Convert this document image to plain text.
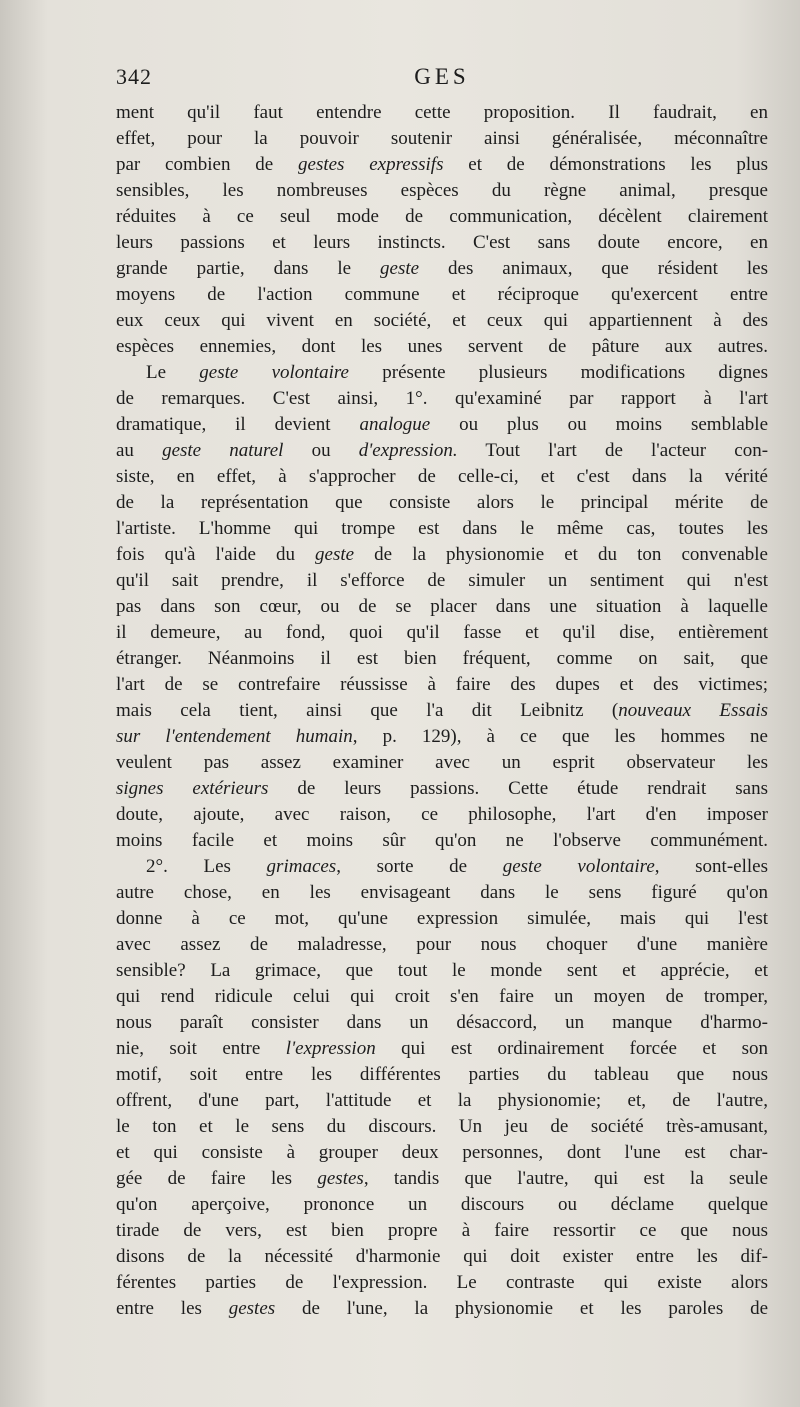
342	GES
ment qu'il faut entendre cette proposition. Il faudrait, en
effet, pour la pouvoir soutenir ainsi généralisée, méconnaître
par combien de gestes expressifs et de démonstrations les plus
sensibles, les nombreuses espèces du règne animal, presque
réduites à ce seul mode de communication, décèlent clairement
leurs passions et leurs instincts. C'est sans doute encore, en
grande partie, dans le geste des animaux, que résident les
moyens de l'action commune et réciproque qu'exercent entre
eux ceux qui vivent en société, et ceux qui appartiennent à des
espèces ennemies, dont les unes servent de pâture aux autres.
Le geste volontaire présente plusieurs modifications dignes
de remarques. C'est ainsi, 1°. qu'examiné par rapport à l'art
dramatique, il devient analogue ou plus ou moins semblable
au geste naturel ou d'expression. Tout l'art de l'acteur con-
siste, en effet, à s'approcher de celle-ci, et c'est dans la vérité
de la représentation que consiste alors le principal mérite de
l'artiste. L'homme qui trompe est dans le même cas, toutes les
fois qu'à l'aide du geste de la physionomie et du ton convenable
qu'il sait prendre, il s'efforce de simuler un sentiment qui n'est
pas dans son cœur, ou de se placer dans une situation à laquelle
il demeure, au fond, quoi qu'il fasse et qu'il dise, entièrement
étranger. Néanmoins il est bien fréquent, comme on sait, que
l'art de se contrefaire réussisse à faire des dupes et des victimes;
mais cela tient, ainsi que l'a dit Leibnitz (nouveaux Essais
sur l'entendement humain, p. 129), à ce que les hommes ne
veulent pas assez examiner avec un esprit observateur les
signes extérieurs de leurs passions. Cette étude rendrait sans
doute, ajoute, avec raison, ce philosophe, l'art d'en imposer
moins facile et moins sûr qu'on ne l'observe communément.
2°. Les grimaces, sorte de geste volontaire, sont-elles
autre chose, en les envisageant dans le sens figuré qu'on
donne à ce mot, qu'une expression simulée, mais qui l'est
avec assez de maladresse, pour nous choquer d'une manière
sensible? La grimace, que tout le monde sent et apprécie, et
qui rend ridicule celui qui croit s'en faire un moyen de tromper,
nous paraît consister dans un désaccord, un manque d'harmo-
nie, soit entre l'expression qui est ordinairement forcée et son
motif, soit entre les différentes parties du tableau que nous
offrent, d'une part, l'attitude et la physionomie; et, de l'autre,
le ton et le sens du discours. Un jeu de société très-amusant,
et qui consiste à grouper deux personnes, dont l'une est char-
gée de faire les gestes, tandis que l'autre, qui est la seule
qu'on aperçoive, prononce un discours ou déclame quelque
tirade de vers, est bien propre à faire ressortir ce que nous
disons de la nécessité d'harmonie qui doit exister entre les dif-
férentes parties de l'expression. Le contraste qui existe alors
entre les gestes de l'une, la physionomie et les paroles de
